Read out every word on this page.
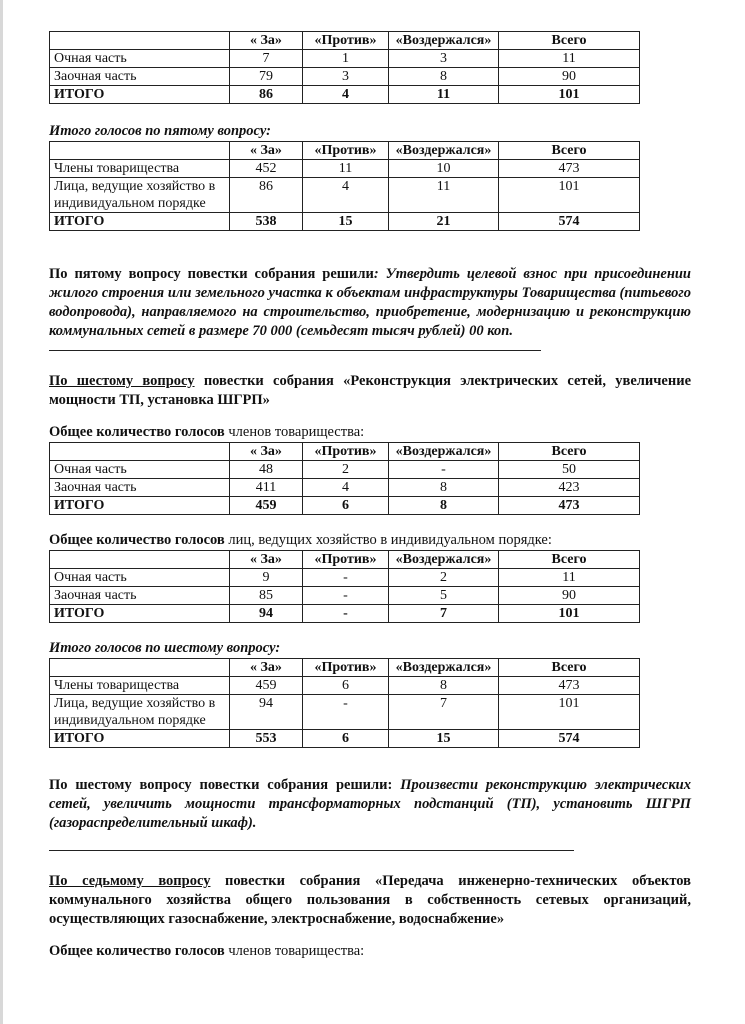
	« За»	«Против»	«Воздержался»	Всего
Очная часть	7	1	3	11
Заочная часть	79	3	8	90
ИТОГО	86	4	11	101
Итого голосов по пятому вопросу:
	« За»	«Против»	«Воздержался»	Всего
Члены товарищества	452	11	10	473
Лица, ведущие хозяйство в индивидуальном порядке	86	4	11	101
ИТОГО	538	15	21	574

По пятому вопросу повестки собрания решили: Утвердить целевой взнос при присоединении жилого строения или земельного участка к объектам инфраструктуры Товарищества (питьевого водопровода), направляемого на строительство, приобретение, модернизацию и реконструкцию коммунальных сетей в размере 70 000 (семьдесят тысяч рублей) 00 коп.

По шестому вопросу повестки собрания «Реконструкция электрических сетей, увеличение мощности ТП, установка ШГРП»

Общее количество голосов членов товарищества:
	« За»	«Против»	«Воздержался»	Всего
Очная часть	48	2	-	50
Заочная часть	411	4	8	423
ИТОГО	459	6	8	473
Общее количество голосов лиц, ведущих хозяйство в индивидуальном порядке:
	« За»	«Против»	«Воздержался»	Всего
Очная часть	9	-	2	11
Заочная часть	85	-	5	90
ИТОГО	94	-	7	101
Итого голосов по шестому вопросу:
	« За»	«Против»	«Воздержался»	Всего
Члены товарищества	459	6	8	473
Лица, ведущие хозяйство в индивидуальном порядке	94	-	7	101
ИТОГО	553	6	15	574

По шестому вопросу повестки собрания решили: Произвести реконструкцию электрических сетей, увеличить мощности трансформаторных подстанций (ТП), установить ШГРП (газораспределительный шкаф).

По седьмому вопросу повестки собрания «Передача инженерно-технических объектов коммунального хозяйства общего пользования в собственность сетевых организаций, осуществляющих газоснабжение, электроснабжение, водоснабжение»

Общее количество голосов членов товарищества:
